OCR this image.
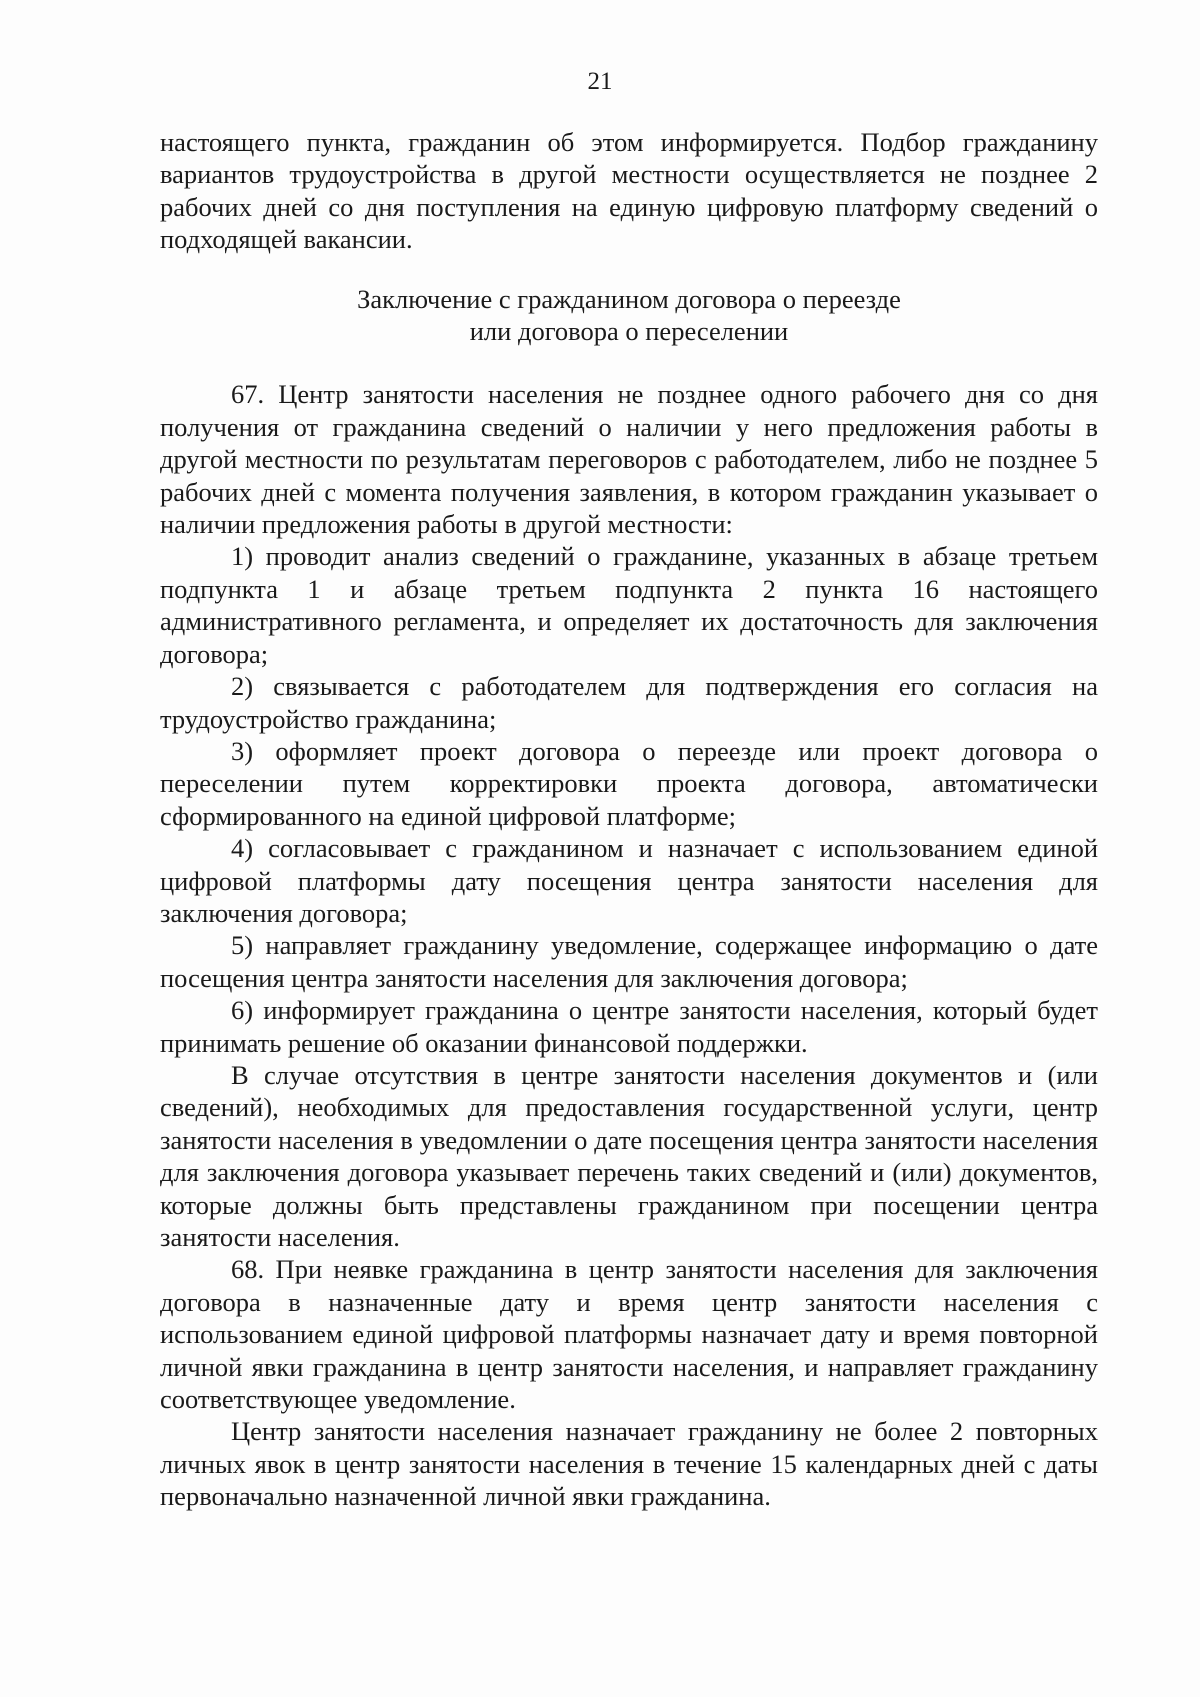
21

настоящего пункта, гражданин об этом информируется. Подбор гражданину вариантов трудоустройства в другой местности осуществляется не позднее 2 рабочих дней со дня поступления на единую цифровую платформу сведений о подходящей вакансии.

Заключение с гражданином договора о переезде
или договора о переселении

67. Центр занятости населения не позднее одного рабочего дня со дня получения от гражданина сведений о наличии у него предложения работы в другой местности по результатам переговоров с работодателем, либо не позднее 5 рабочих дней с момента получения заявления, в котором гражданин указывает о наличии предложения работы в другой местности:

1) проводит анализ сведений о гражданине, указанных в абзаце третьем подпункта 1 и абзаце третьем подпункта 2 пункта 16 настоящего административного регламента, и определяет их достаточность для заключения договора;

2) связывается с работодателем для подтверждения его согласия на трудоустройство гражданина;

3) оформляет проект договора о переезде или проект договора о переселении путем корректировки проекта договора, автоматически сформированного на единой цифровой платформе;

4) согласовывает с гражданином и назначает с использованием единой цифровой платформы дату посещения центра занятости населения для заключения договора;

5) направляет гражданину уведомление, содержащее информацию о дате посещения центра занятости населения для заключения договора;

6) информирует гражданина о центре занятости населения, который будет принимать решение об оказании финансовой поддержки.

В случае отсутствия в центре занятости населения документов и (или сведений), необходимых для предоставления государственной услуги, центр занятости населения в уведомлении о дате посещения центра занятости населения для заключения договора указывает перечень таких сведений и (или) документов, которые должны быть представлены гражданином при посещении центра занятости населения.

68. При неявке гражданина в центр занятости населения для заключения договора в назначенные дату и время центр занятости населения с использованием единой цифровой платформы назначает дату и время повторной личной явки гражданина в центр занятости населения, и направляет гражданину соответствующее уведомление.

Центр занятости населения назначает гражданину не более 2 повторных личных явок в центр занятости населения в течение 15 календарных дней с даты первоначально назначенной личной явки гражданина.
